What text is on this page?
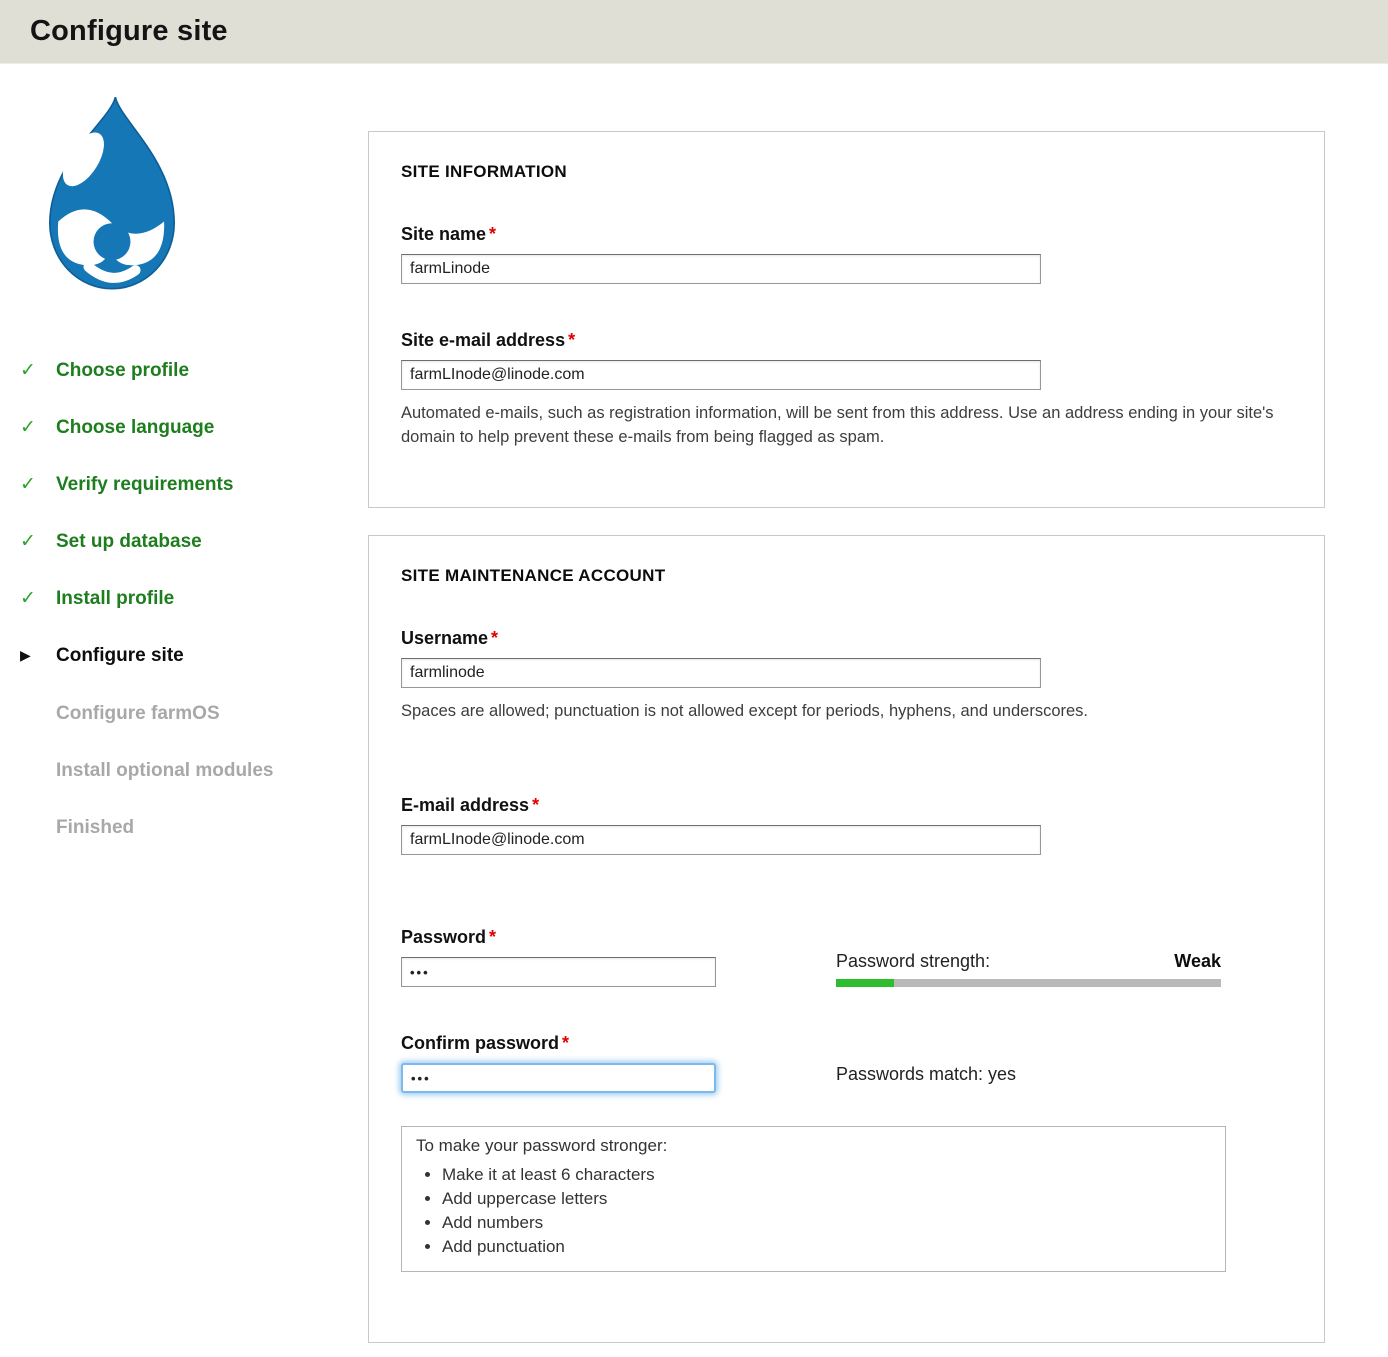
Configure site
✓	Choose profile
✓	Choose language
✓	Verify requirements
✓	Set up database
✓	Install profile
▶	Configure site
Configure farmOS
Install optional modules
Finished
SITE INFORMATION
Site name *
farmLinode
Site e-mail address *
farmLInode@linode.com
Automated e-mails, such as registration information, will be sent from this address. Use an address ending in your site's domain to help prevent these e-mails from being flagged as spam.
SITE MAINTENANCE ACCOUNT
Username *
farmlinode
Spaces are allowed; punctuation is not allowed except for periods, hyphens, and underscores.
E-mail address *
farmLInode@linode.com
Password *
•••
Password strength:	Weak
Confirm password *
•••
Passwords match: yes
To make your password stronger:
• Make it at least 6 characters
• Add uppercase letters
• Add numbers
• Add punctuation
